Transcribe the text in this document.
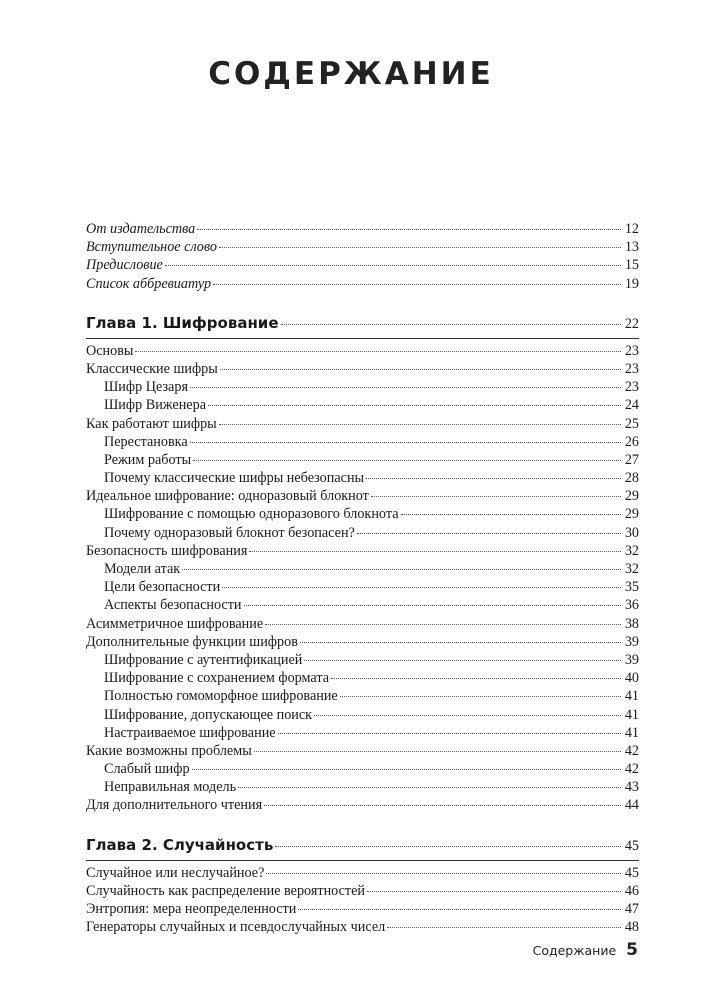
СОДЕРЖАНИЕ
От издательства	12
Вступительное слово	13
Предисловие	15
Список аббревиатур	19
Глава 1. Шифрование	22
Основы	23
Классические шифры	23
Шифр Цезаря	23
Шифр Виженера	24
Как работают шифры	25
Перестановка	26
Режим работы	27
Почему классические шифры небезопасны	28
Идеальное шифрование: одноразовый блокнот	29
Шифрование с помощью одноразового блокнота	29
Почему одноразовый блокнот безопасен?	30
Безопасность шифрования	32
Модели атак	32
Цели безопасности	35
Аспекты безопасности	36
Асимметричное шифрование	38
Дополнительные функции шифров	39
Шифрование с аутентификацией	39
Шифрование с сохранением формата	40
Полностью гомоморфное шифрование	41
Шифрование, допускающее поиск	41
Настраиваемое шифрование	41
Какие возможны проблемы	42
Слабый шифр	42
Неправильная модель	43
Для дополнительного чтения	44
Глава 2. Случайность	45
Случайное или неслучайное?	45
Случайность как распределение вероятностей	46
Энтропия: мера неопределенности	47
Генераторы случайных и псевдослучайных чисел	48
Содержание 5
